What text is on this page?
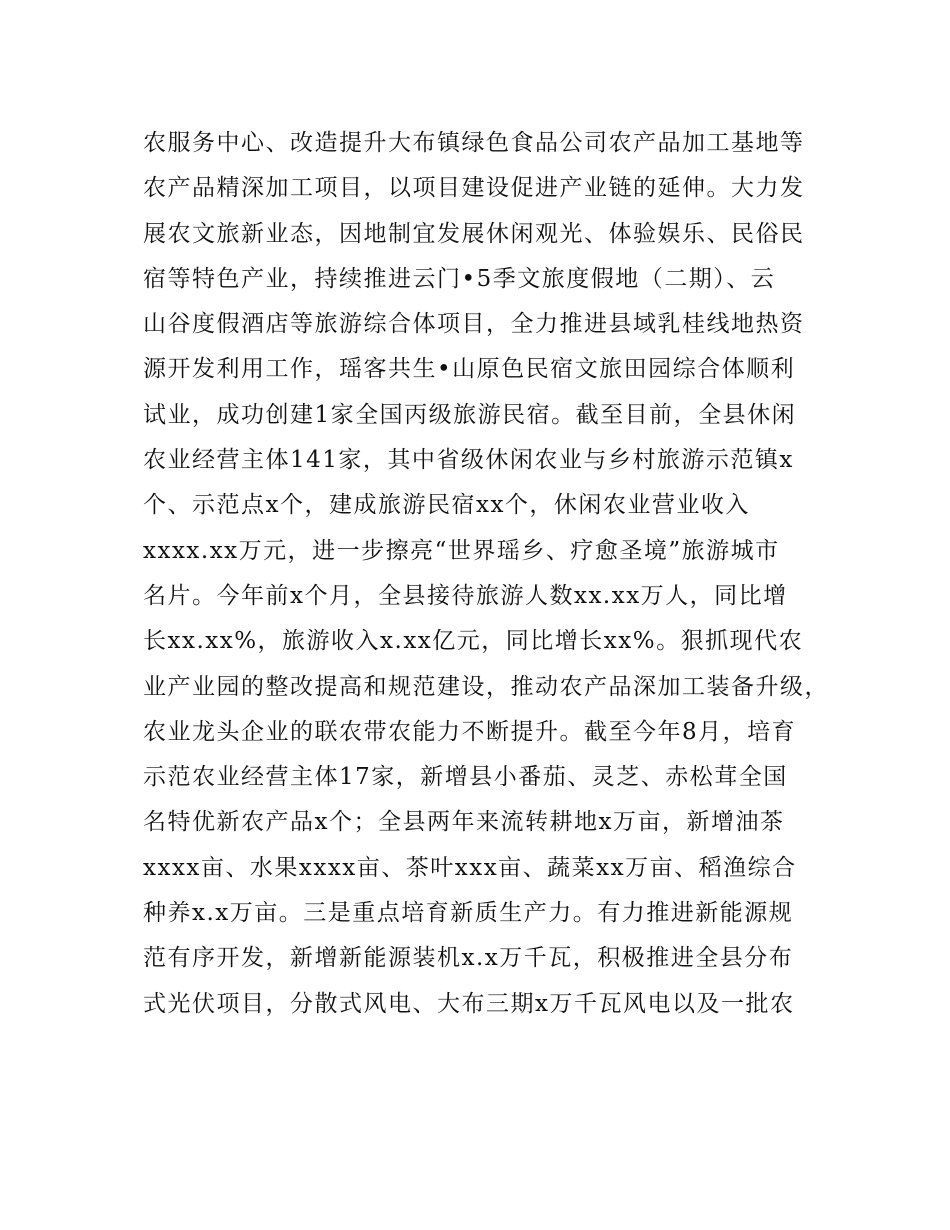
农服务中心、改造提升大布镇绿色食品公司农产品加工基地等
农产品精深加工项目，以项目建设促进产业链的延伸。大力发
展农文旅新业态，因地制宜发展休闲观光、体验娱乐、民俗民
宿等特色产业，持续推进云门•5季文旅度假地（二期）、云
山谷度假酒店等旅游综合体项目，全力推进县域乳桂线地热资
源开发利用工作，瑶客共生•山原色民宿文旅田园综合体顺利
试业，成功创建1家全国丙级旅游民宿。截至目前，全县休闲
农业经营主体141家，其中省级休闲农业与乡村旅游示范镇x
个、示范点x个，建成旅游民宿xx个，休闲农业营业收入
xxxx.xx万元，进一步擦亮“世界瑶乡、疗愈圣境”旅游城市
名片。今年前x个月，全县接待旅游人数xx.xx万人，同比增
长xx.xx%，旅游收入x.xx亿元，同比增长xx%。狠抓现代农
业产业园的整改提高和规范建设，推动农产品深加工装备升级，
农业龙头企业的联农带农能力不断提升。截至今年8月，培育
示范农业经营主体17家，新增县小番茄、灵芝、赤松茸全国
名特优新农产品x个；全县两年来流转耕地x万亩，新增油茶
xxxx亩、水果xxxx亩、茶叶xxx亩、蔬菜xx万亩、稻渔综合
种养x.x万亩。三是重点培育新质生产力。有力推进新能源规
范有序开发，新增新能源装机x.x万千瓦，积极推进全县分布
式光伏项目，分散式风电、大布三期x万千瓦风电以及一批农
